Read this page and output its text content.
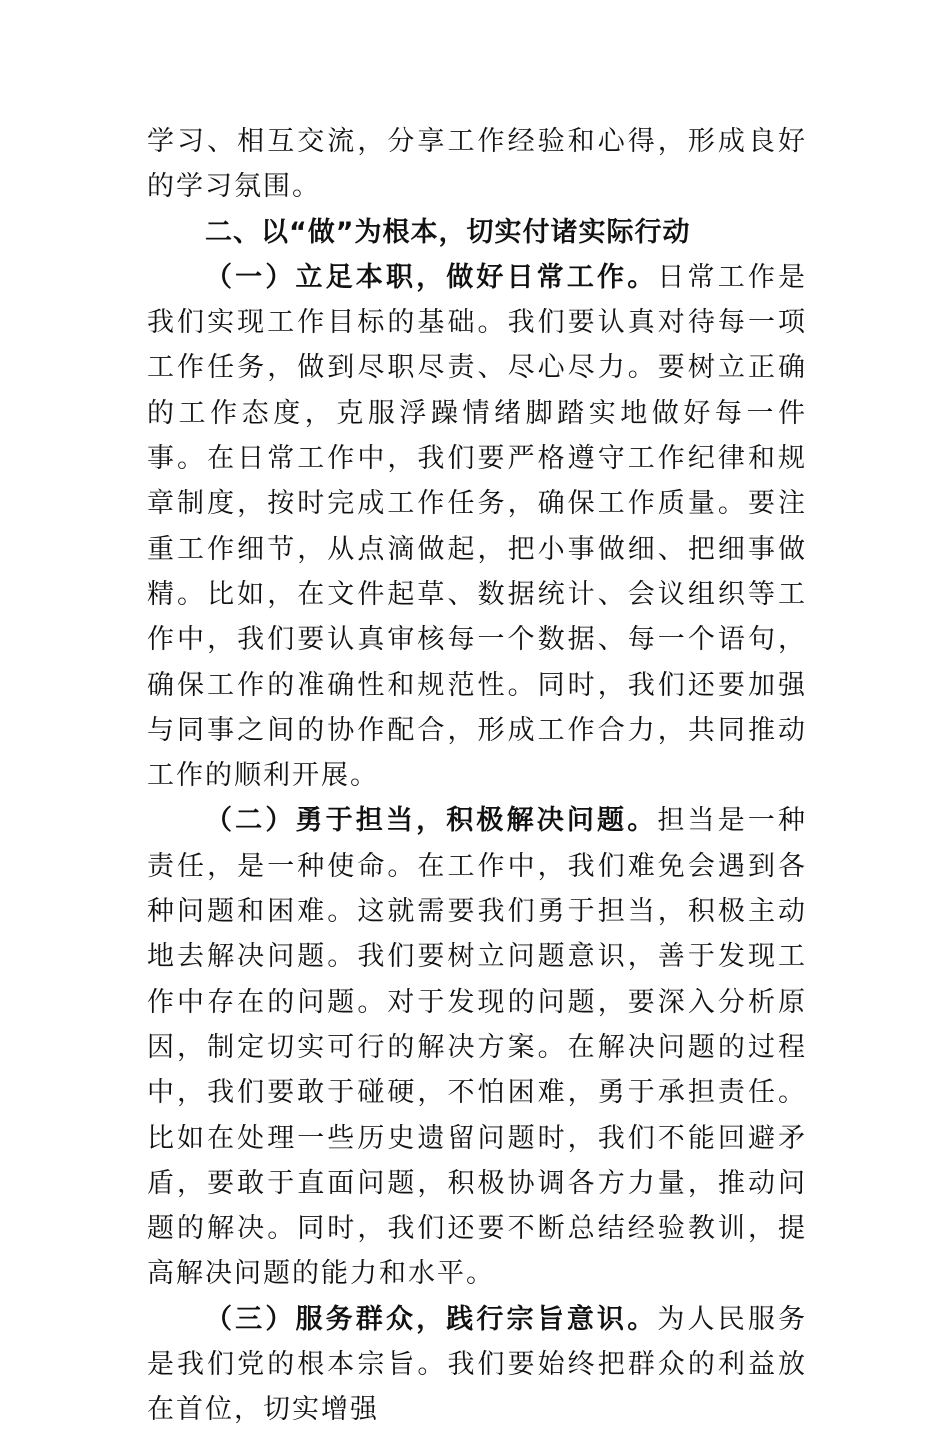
学习、相互交流，分享工作经验和心得，形成良好的学习氛围。

二、以“做”为根本，切实付诸实际行动

（一）立足本职，做好日常工作。日常工作是我们实现工作目标的基础。我们要认真对待每一项工作任务，做到尽职尽责、尽心尽力。要树立正确的工作态度，克服浮躁情绪脚踏实地做好每一件事。在日常工作中，我们要严格遵守工作纪律和规章制度，按时完成工作任务，确保工作质量。要注重工作细节，从点滴做起，把小事做细、把细事做精。比如，在文件起草、数据统计、会议组织等工作中，我们要认真审核每一个数据、每一个语句，确保工作的准确性和规范性。同时，我们还要加强与同事之间的协作配合，形成工作合力，共同推动工作的顺利开展。

（二）勇于担当，积极解决问题。担当是一种责任，是一种使命。在工作中，我们难免会遇到各种问题和困难。这就需要我们勇于担当，积极主动地去解决问题。我们要树立问题意识，善于发现工作中存在的问题。对于发现的问题，要深入分析原因，制定切实可行的解决方案。在解决问题的过程中，我们要敢于碰硬，不怕困难，勇于承担责任。比如在处理一些历史遗留问题时，我们不能回避矛盾，要敢于直面问题，积极协调各方力量，推动问题的解决。同时，我们还要不断总结经验教训，提高解决问题的能力和水平。

（三）服务群众，践行宗旨意识。为人民服务是我们党的根本宗旨。我们要始终把群众的利益放在首位，切实增强
